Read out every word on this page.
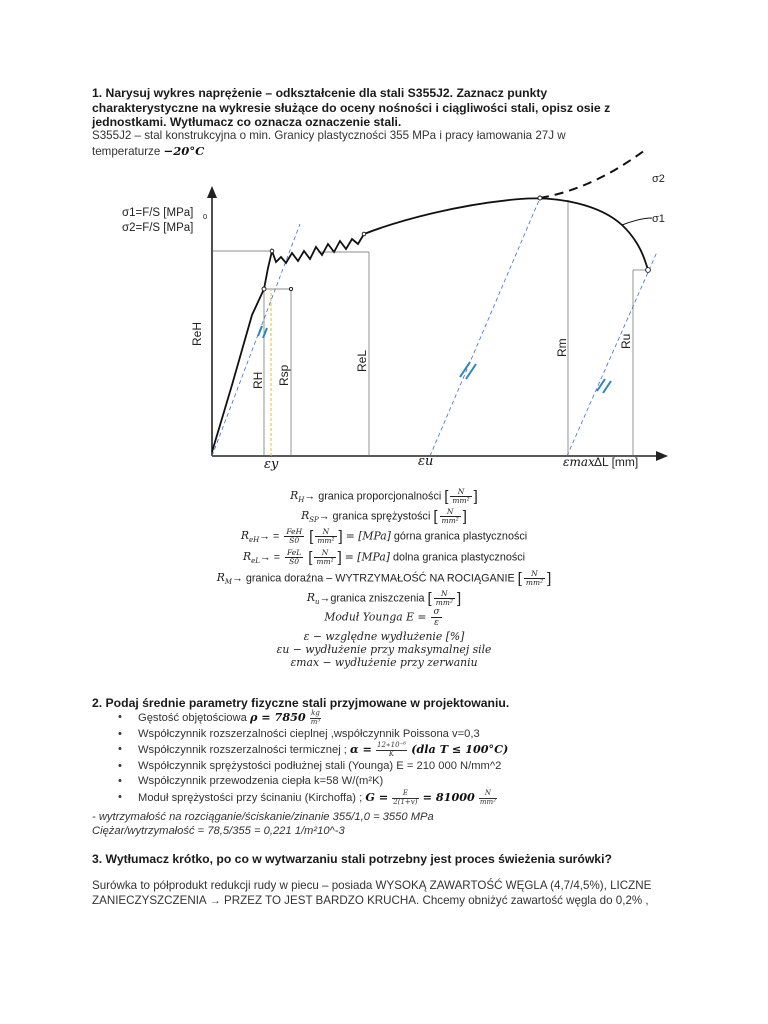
1. Narysuj wykres naprężenie – odkształcenie dla stali S355J2. Zaznacz punkty charakterystyczne na wykresie służące do oceny nośności i ciągliwości stali, opisz osie z jednostkami. Wytłumacz co oznacza oznaczenie stali.
S355J2 – stal konstrukcyjna o min. Granicy plastyczności 355 MPa i pracy łamowania 27J w temperaturze −20°C
σ1=F/S [MPa] 0
σ2=F/S [MPa]
ΔL [mm]
σ1
σ2
ReH
RH Rsp
ReL
Rm	Ru
εy	εu	εmax
$R_H\to$ granica proporcjonalności [ $\frac{N}{\text{mm²}}$ ]
$R_{SP}\to$ granica sprężystości [ $\frac{N}{\text{mm²}}$ ]
$R_{eH}\to = \frac{\text{FeH}}{S0}$ [ $\frac{N}{\text{mm²}}$ ] = [MPa] górna granica plastyczności
$R_{eL}\to = \frac{\text{FeL}}{S0}$ [ $\frac{N}{\text{mm²}}$ ] = [MPa] dolna granica plastyczności
$R_M\to$ granica doraźna – WYTRZYMAŁOŚĆ NA ROCIĄGANIE [ $\frac{N}{\text{mm²}}$ ]
$R_u\to granica$ zniszczenia [ $\frac{N}{\text{mm²}}$ ]
Moduł Younga $E = \frac{\sigma}{\varepsilon}$
ε − względne wydłużenie [%]
εu − wydłużenie przy maksymalnej sile
εmax − wydłużenie przy zerwaniu
2. Podaj średnie parametry fizyczne stali przyjmowane w projektowaniu.
• Gęstość objętościowa $\rho = 7850 \frac{kg}{\text{m³}}$
• Współczynnik rozszerzalności cieplnej ,współczynnik Poissona v=0,3
• Współczynnik rozszerzalności termicznej ; $\alpha = \frac{\text{12∗10⁻⁶}}{K} (dla$ T ≤ 100°C)
• Współczynnik sprężystości podłużnej stali (Younga) E = 210 000 N/mm^2
• Współczynnik przewodzenia ciepła k=58 W/(m²K)
• Moduł sprężystości przy ścinaniu (Kirchoffa) ; $G = \frac{E}{2(1+v)} = 81000 \frac{N}{\text{mm²}}$
- wytrzymałość na rozciąganie/ściskanie/zinanie 355/1,0 = 3550 MPa
Ciężar/wytrzymałość = 78,5/355 = 0,221 1/m²10^-3
3. Wytłumacz krótko, po co w wytwarzaniu stali potrzebny jest proces świeżenia surówki?
Surówka to półprodukt redukcji rudy w piecu – posiada WYSOKĄ ZAWARTOŚĆ WĘGLA (4,7/4,5%), LICZNE ZANIECZYSZCZENIA → PRZEZ TO JEST BARDZO KRUCHA. Chcemy obniżyć zawartość węgla do 0,2% ,
